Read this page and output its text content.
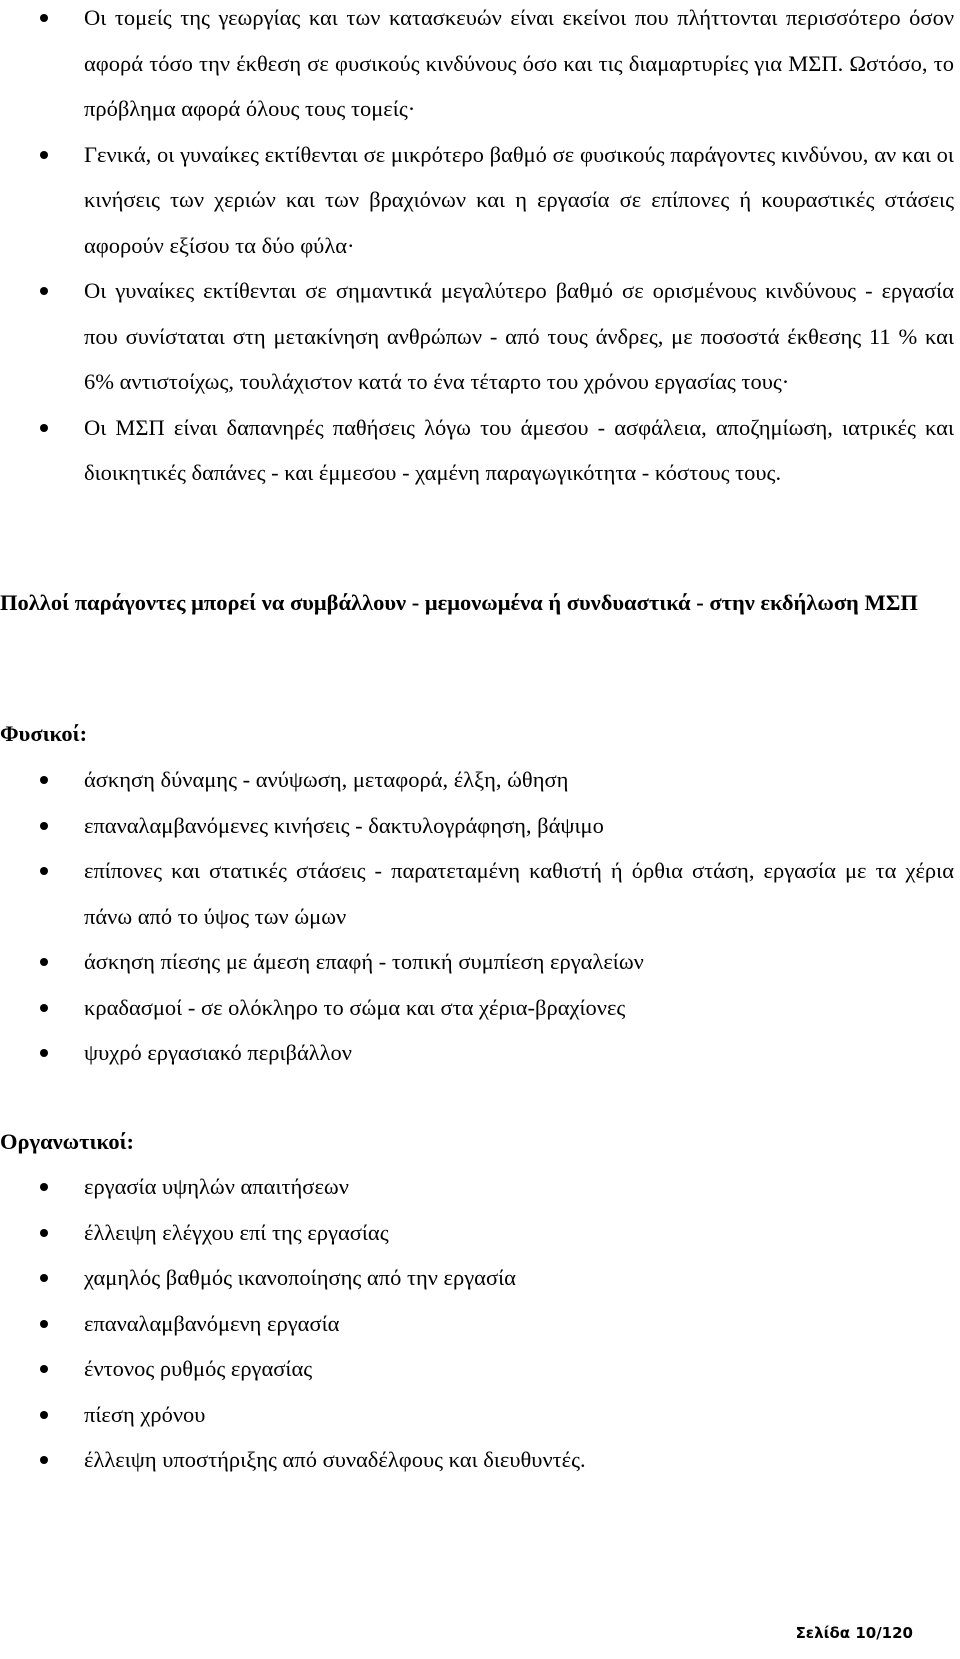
Οι τομείς της γεωργίας και των κατασκευών είναι εκείνοι που πλήττονται περισσότερο όσον αφορά τόσο την έκθεση σε φυσικούς κινδύνους όσο και τις διαμαρτυρίες για ΜΣΠ. Ωστόσο, το πρόβλημα αφορά όλους τους τομείς·
Γενικά, οι γυναίκες εκτίθενται σε μικρότερο βαθμό σε φυσικούς παράγοντες κινδύνου, αν και οι κινήσεις των χεριών και των βραχιόνων και η εργασία σε επίπονες ή κουραστικές στάσεις αφορούν εξίσου τα δύο φύλα·
Οι γυναίκες εκτίθενται σε σημαντικά μεγαλύτερο βαθμό σε ορισμένους κινδύνους - εργασία που συνίσταται στη μετακίνηση ανθρώπων - από τους άνδρες, με ποσοστά έκθεσης 11 % και 6% αντιστοίχως, τουλάχιστον κατά το ένα τέταρτο του χρόνου εργασίας τους·
Οι ΜΣΠ είναι δαπανηρές παθήσεις λόγω του άμεσου - ασφάλεια, αποζημίωση, ιατρικές και διοικητικές δαπάνες - και έμμεσου - χαμένη παραγωγικότητα - κόστους τους.

Πολλοί παράγοντες μπορεί να συμβάλλουν - μεμονωμένα ή συνδυαστικά - στην εκδήλωση ΜΣΠ

Φυσικοί:

άσκηση δύναμης - ανύψωση, μεταφορά, έλξη, ώθηση
επαναλαμβανόμενες κινήσεις - δακτυλογράφηση, βάψιμο
επίπονες και στατικές στάσεις - παρατεταμένη καθιστή ή όρθια στάση, εργασία με τα χέρια πάνω από το ύψος των ώμων
άσκηση πίεσης με άμεση επαφή - τοπική συμπίεση εργαλείων
κραδασμοί - σε ολόκληρο το σώμα και στα χέρια-βραχίονες
ψυχρό εργασιακό περιβάλλον

Οργανωτικοί:

εργασία υψηλών απαιτήσεων
έλλειψη ελέγχου επί της εργασίας
χαμηλός βαθμός ικανοποίησης από την εργασία
επαναλαμβανόμενη εργασία
έντονος ρυθμός εργασίας
πίεση χρόνου
έλλειψη υποστήριξης από συναδέλφους και διευθυντές.
Σελίδα 10/120
